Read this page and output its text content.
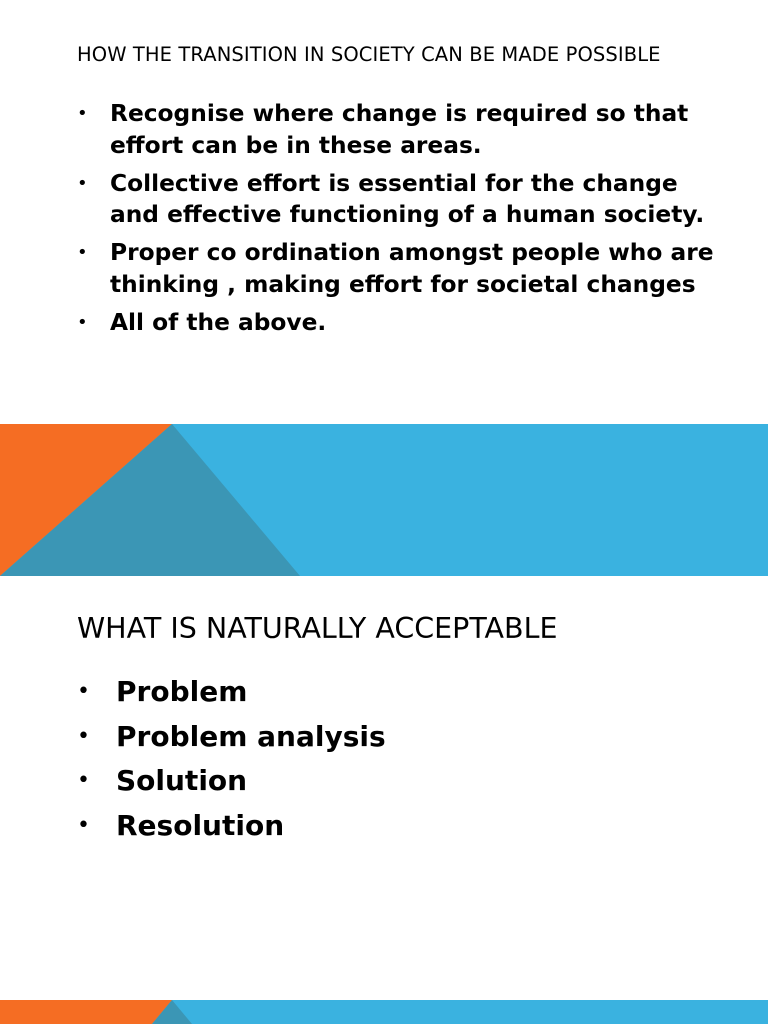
HOW THE TRANSITION IN SOCIETY CAN BE MADE POSSIBLE
• Recognise where change is required so that effort can be in these areas.
• Collective effort is essential for the change and effective functioning of a human society.
• Proper co ordination amongst people who are thinking , making effort for societal changes
• All of the above.
WHAT IS NATURALLY ACCEPTABLE
• Problem
• Problem analysis
• Solution
• Resolution
